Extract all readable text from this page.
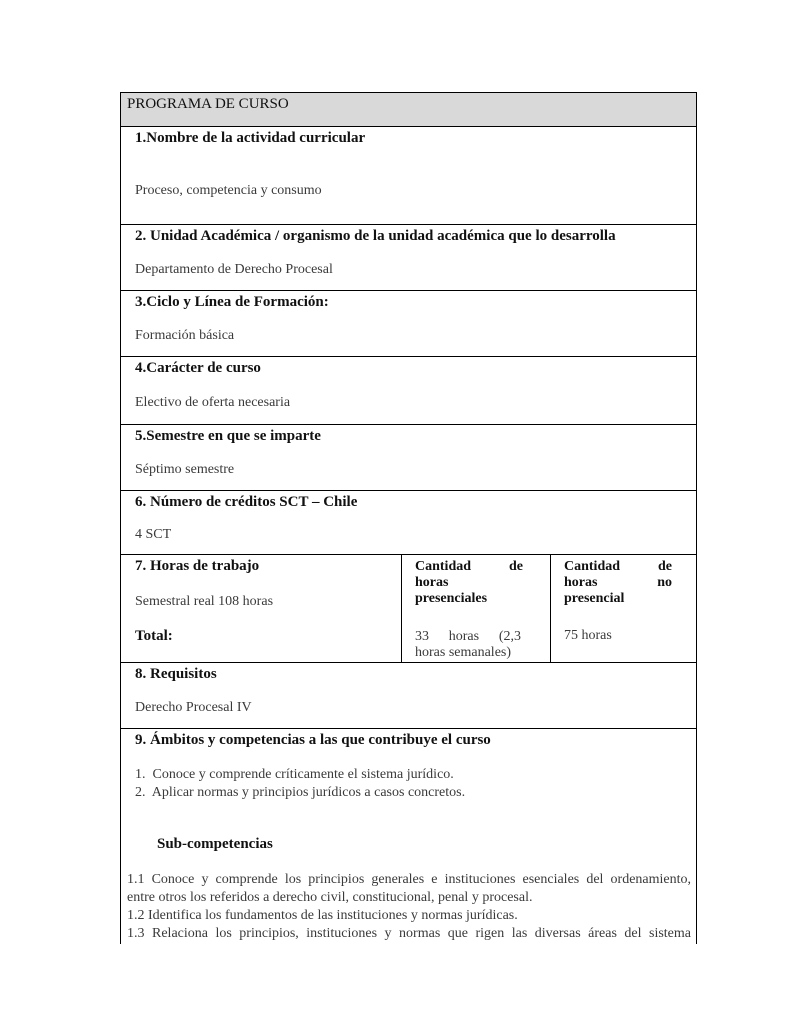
PROGRAMA DE CURSO
1.Nombre de la actividad curricular
Proceso, competencia y consumo
2. Unidad Académica / organismo de la unidad académica que lo desarrolla
Departamento de Derecho Procesal
3.Ciclo y Línea de Formación:
Formación básica
4.Carácter de curso
Electivo de oferta necesaria
5.Semestre en que se imparte
Séptimo semestre
6. Número de créditos SCT – Chile
4 SCT
7. Horas de trabajo
Semestral real 108 horas
Total:
Cantidad de
horas
presenciales
33 horas (2,3
horas semanales)
Cantidad de
horas no
presencial
75 horas
8. Requisitos
Derecho Procesal IV
9. Ámbitos y competencias a las que contribuye el curso
1. Conoce y comprende críticamente el sistema jurídico.
2. Aplicar normas y principios jurídicos a casos concretos.
Sub-competencias
1.1 Conoce y comprende los principios generales e instituciones esenciales del ordenamiento,
entre otros los referidos a derecho civil, constitucional, penal y procesal.
1.2 Identifica los fundamentos de las instituciones y normas jurídicas.
1.3 Relaciona los principios, instituciones y normas que rigen las diversas áreas del sistema
